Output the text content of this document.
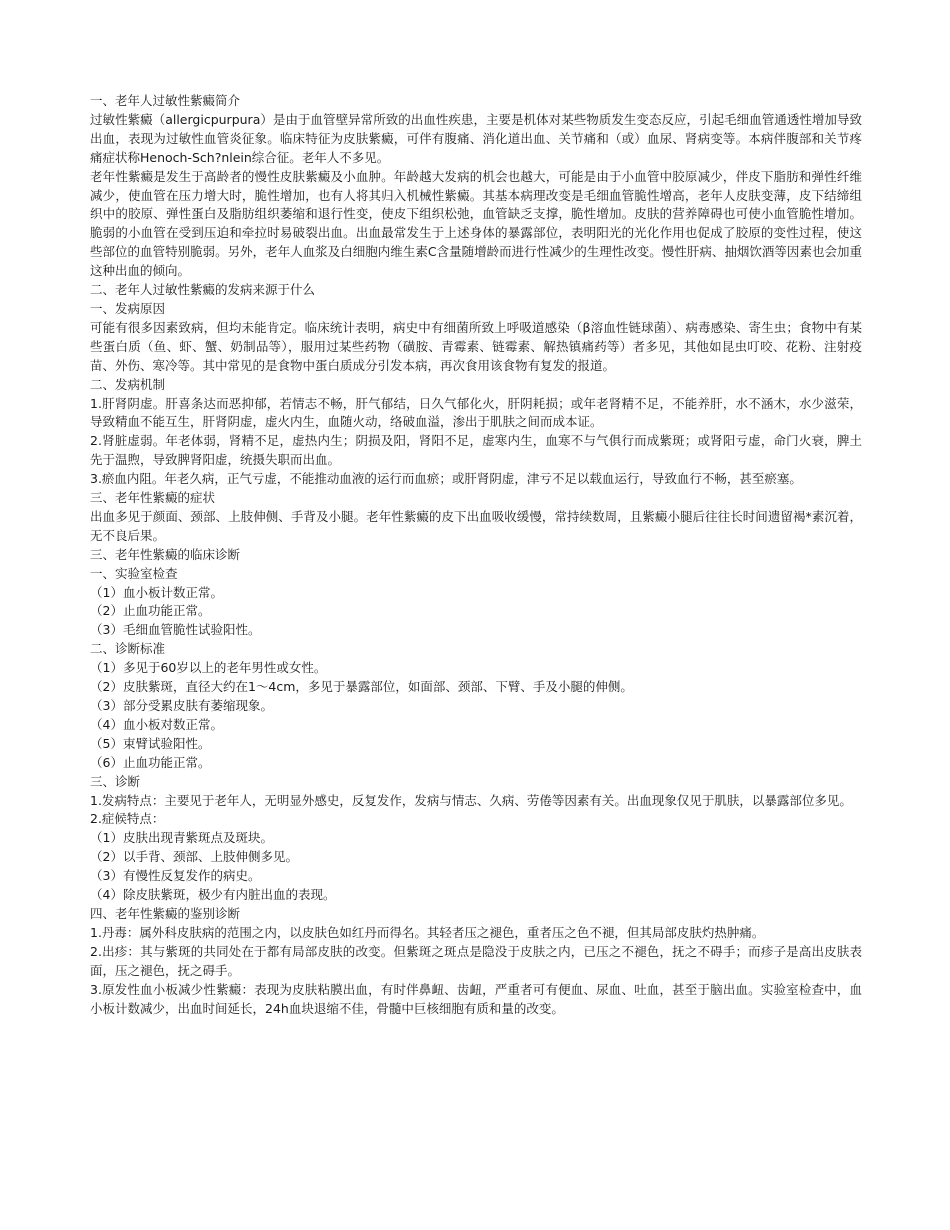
一、老年人过敏性紫癜简介

过敏性紫癜（allergicpurpura）是由于血管壁异常所致的出血性疾患，主要是机体对某些物质发生变态反应，引起毛细血管通透性增加导致出血，表现为过敏性血管炎征象。临床特征为皮肤紫癜，可伴有腹痛、消化道出血、关节痛和（或）血尿、肾病变等。本病伴腹部和关节疼痛症状称Henoch-Sch?nlein综合征。老年人不多见。

老年性紫癜是发生于高龄者的慢性皮肤紫癜及小血肿。年龄越大发病的机会也越大，可能是由于小血管中胶原减少，伴皮下脂肪和弹性纤维减少，使血管在压力增大时，脆性增加，也有人将其归入机械性紫癜。其基本病理改变是毛细血管脆性增高，老年人皮肤变薄，皮下结缔组织中的胶原、弹性蛋白及脂肪组织萎缩和退行性变，使皮下组织松弛，血管缺乏支撑，脆性增加。皮肤的营养障碍也可使小血管脆性增加。脆弱的小血管在受到压迫和牵拉时易破裂出血。出血最常发生于上述身体的暴露部位，表明阳光的光化作用也促成了胶原的变性过程，使这些部位的血管特别脆弱。另外，老年人血浆及白细胞内维生素C含量随增龄而进行性减少的生理性改变。慢性肝病、抽烟饮酒等因素也会加重这种出血的倾向。

二、老年人过敏性紫癜的发病来源于什么

一、发病原因

可能有很多因素致病，但均未能肯定。临床统计表明，病史中有细菌所致上呼吸道感染（β溶血性链球菌）、病毒感染、寄生虫；食物中有某些蛋白质（鱼、虾、蟹、奶制品等），服用过某些药物（磺胺、青霉素、链霉素、解热镇痛药等）者多见，其他如昆虫叮咬、花粉、注射疫苗、外伤、寒冷等。其中常见的是食物中蛋白质成分引发本病，再次食用该食物有复发的报道。

二、发病机制

1.肝肾阴虚。肝喜条达而恶抑郁，若情志不畅，肝气郁结，日久气郁化火，肝阴耗损；或年老肾精不足，不能养肝，水不涵木，水少滋荣，导致精血不能互生，肝肾阴虚，虚火内生，血随火动，络破血溢，渗出于肌肤之间而成本证。

2.肾脏虚弱。年老体弱，肾精不足，虚热内生；阴损及阳，肾阳不足，虚寒内生，血寒不与气俱行而成紫斑；或肾阳亏虚，命门火衰，脾土先于温煦，导致脾肾阳虚，统摄失职而出血。

3.瘀血内阻。年老久病，正气亏虚，不能推动血液的运行而血瘀；或肝肾阴虚，津亏不足以载血运行，导致血行不畅，甚至瘀塞。

三、老年性紫癜的症状

出血多见于颜面、颈部、上肢伸侧、手背及小腿。老年性紫癜的皮下出血吸收缓慢，常持续数周，且紫癜小腿后往往长时间遗留褐*素沉着，无不良后果。

三、老年性紫癜的临床诊断

一、实验室检查

（1）血小板计数正常。

（2）止血功能正常。

（3）毛细血管脆性试验阳性。

二、诊断标准

（1）多见于60岁以上的老年男性或女性。

（2）皮肤紫斑，直径大约在1～4cm，多见于暴露部位，如面部、颈部、下臂、手及小腿的伸侧。

（3）部分受累皮肤有萎缩现象。

（4）血小板对数正常。

（5）束臂试验阳性。

（6）止血功能正常。

三、诊断

1.发病特点：主要见于老年人，无明显外感史，反复发作，发病与情志、久病、劳倦等因素有关。出血现象仅见于肌肤，以暴露部位多见。

2.症候特点：

（1）皮肤出现青紫斑点及斑块。

（2）以手背、颈部、上肢伸侧多见。

（3）有慢性反复发作的病史。

（4）除皮肤紫斑，极少有内脏出血的表现。

四、老年性紫癜的鉴别诊断

1.丹毒：属外科皮肤病的范围之内，以皮肤色如红丹而得名。其轻者压之褪色，重者压之色不褪，但其局部皮肤灼热肿痛。

2.出疹：其与紫斑的共同处在于都有局部皮肤的改变。但紫斑之斑点是隐没于皮肤之内，已压之不褪色，抚之不碍手；而疹子是高出皮肤表面，压之褪色，抚之碍手。

3.原发性血小板减少性紫癜：表现为皮肤粘膜出血，有时伴鼻衄、齿衄，严重者可有便血、尿血、吐血，甚至于脑出血。实验室检查中，血小板计数减少，出血时间延长，24h血块退缩不佳，骨髓中巨核细胞有质和量的改变。
